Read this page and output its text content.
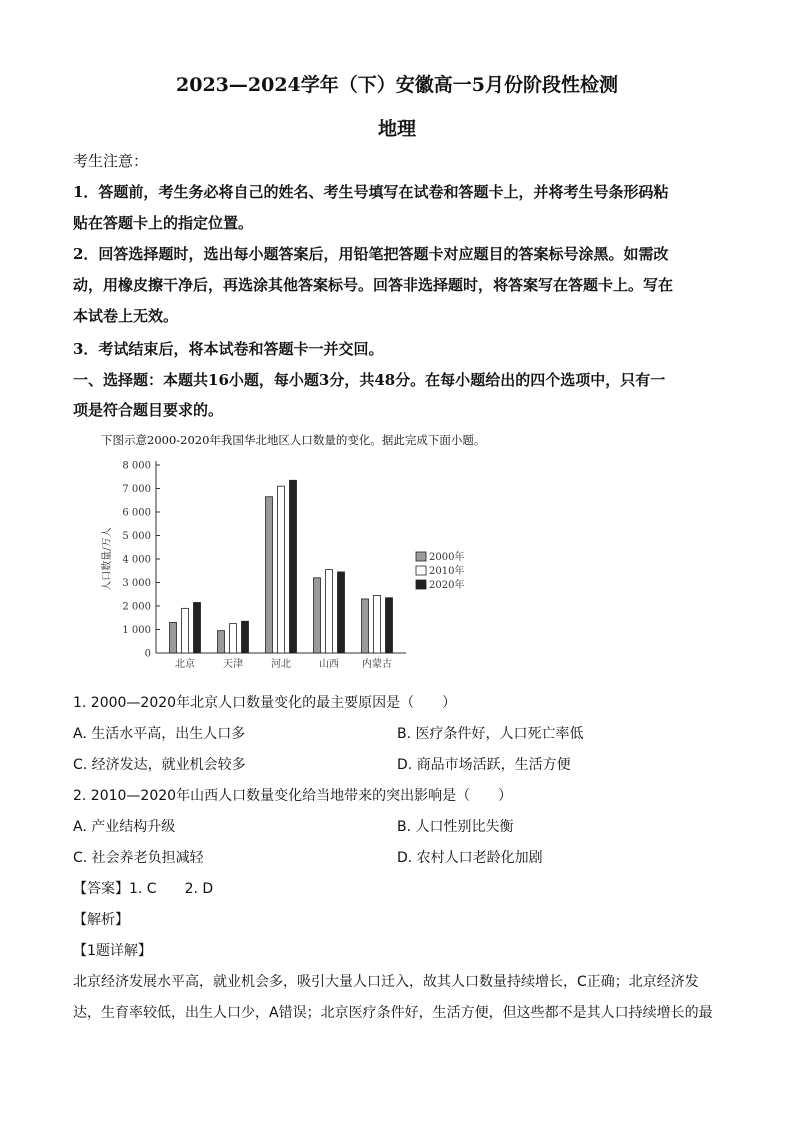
2023—2024学年（下）安徽高一5月份阶段性检测
地理
考生注意：
1．答题前，考生务必将自己的姓名、考生号填写在试卷和答题卡上，并将考生号条形码粘
贴在答题卡上的指定位置。
2．回答选择题时，选出每小题答案后，用铅笔把答题卡对应题目的答案标号涂黑。如需改
动，用橡皮擦干净后，再选涂其他答案标号。回答非选择题时，将答案写在答题卡上。写在
本试卷上无效。
3．考试结束后，将本试卷和答题卡一并交回。
一、选择题：本题共16小题，每小题3分，共48分。在每小题给出的四个选项中，只有一
项是符合题目要求的。
下图示意2000-2020年我国华北地区人口数量的变化。据此完成下面小题。
0
1 000
2 000
3 000
4 000
5 000
6 000
7 000
8 000
人口数量/万人
北京	天津	河北	山西 内蒙古
2000年
2010年
2020年
1. 2000—2020年北京人口数量变化的最主要原因是（　　）
A. 生活水平高，出生人口多	B. 医疗条件好，人口死亡率低
C. 经济发达，就业机会较多	D. 商品市场活跃，生活方便
2. 2010—2020年山西人口数量变化给当地带来的突出影响是（　　）
A. 产业结构升级	B. 人口性别比失衡
C. 社会养老负担减轻	D. 农村人口老龄化加剧
【答案】1. C　　2. D
【解析】
【1题详解】
北京经济发展水平高，就业机会多，吸引大量人口迁入，故其人口数量持续增长，C正确；北京经济发
达，生育率较低，出生人口少，A错误；北京医疗条件好，生活方便，但这些都不是其人口持续增长的最
